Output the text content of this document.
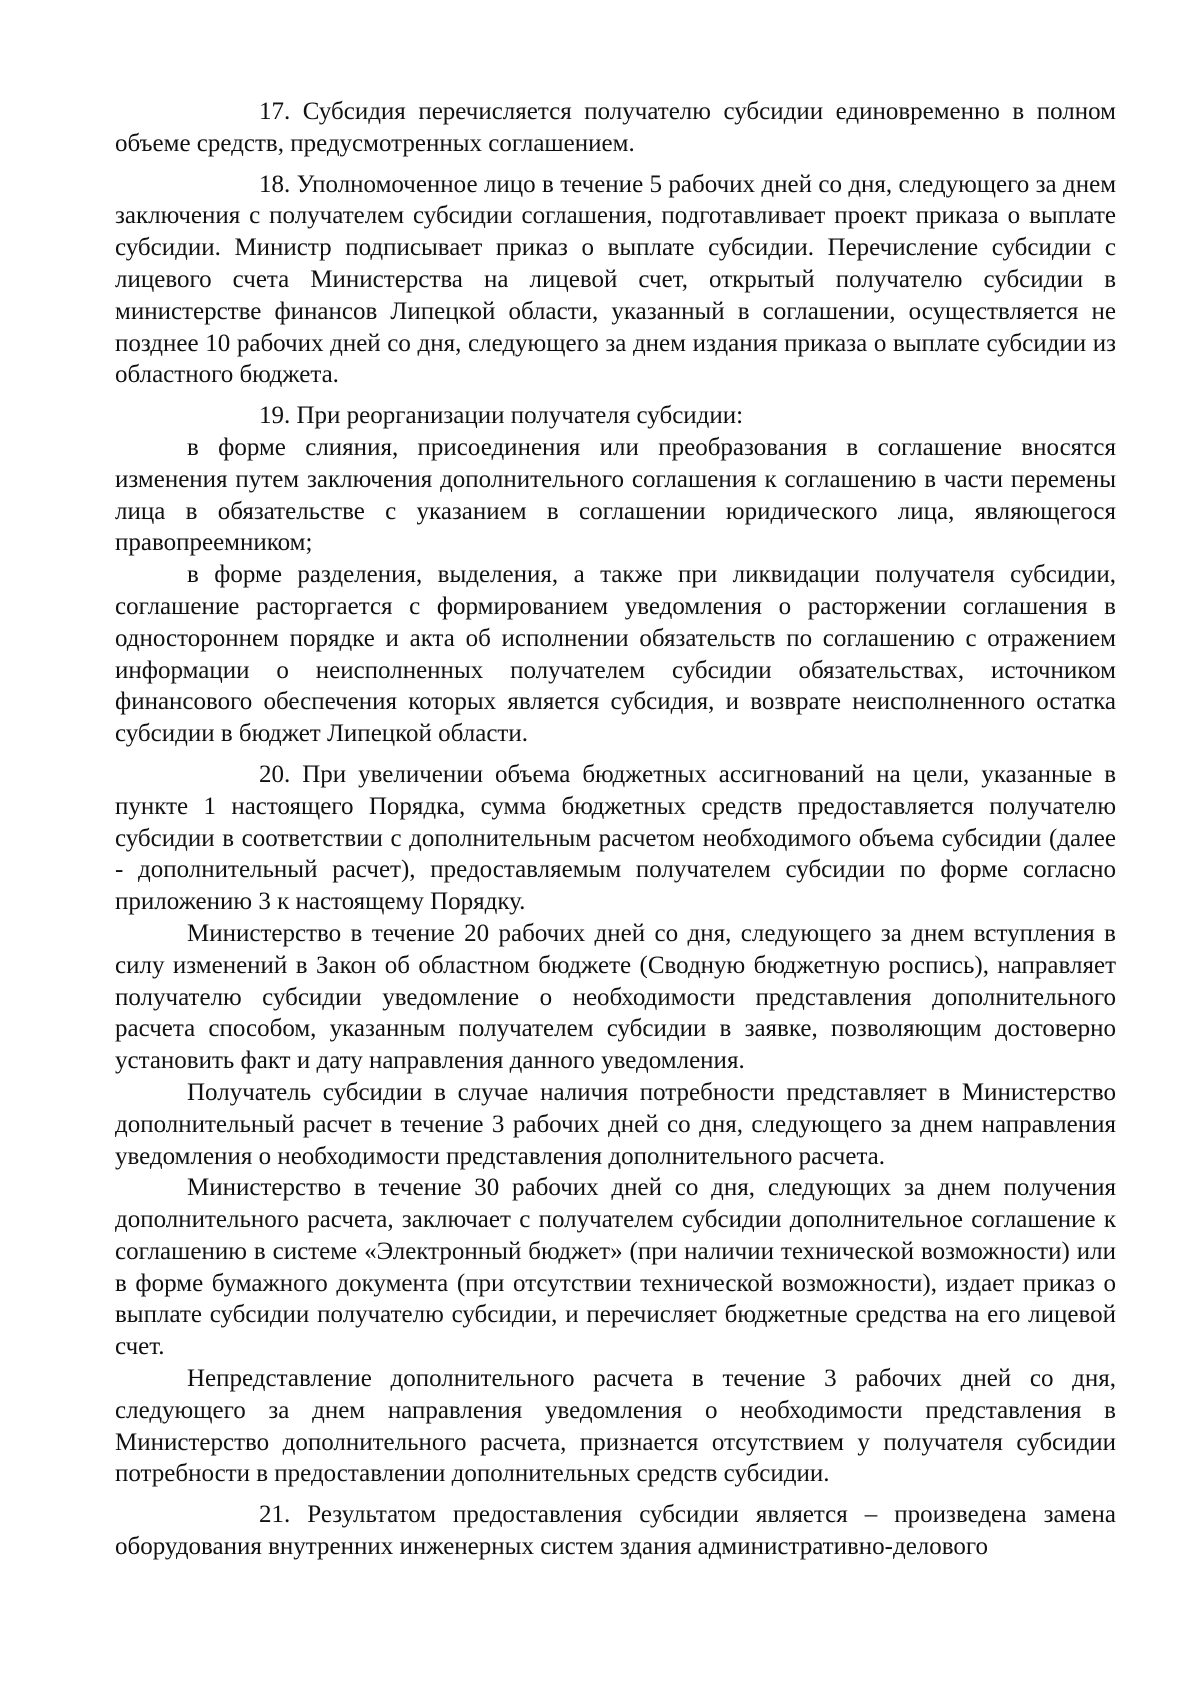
17. Субсидия перечисляется получателю субсидии единовременно в полном объеме средств, предусмотренных соглашением.

18. Уполномоченное лицо в течение 5 рабочих дней со дня, следующего за днем заключения с получателем субсидии соглашения, подготавливает проект приказа о выплате субсидии. Министр подписывает приказ о выплате субсидии. Перечисление субсидии с лицевого счета Министерства на лицевой счет, открытый получателю субсидии в министерстве финансов Липецкой области, указанный в соглашении, осуществляется не позднее 10 рабочих дней со дня, следующего за днем издания приказа о выплате субсидии из областного бюджета.

19. При реорганизации получателя субсидии:

в форме слияния, присоединения или преобразования в соглашение вносятся изменения путем заключения дополнительного соглашения к соглашению в части перемены лица в обязательстве с указанием в соглашении юридического лица, являющегося правопреемником;

в форме разделения, выделения, а также при ликвидации получателя субсидии, соглашение расторгается с формированием уведомления о расторжении соглашения в одностороннем порядке и акта об исполнении обязательств по соглашению с отражением информации о неисполненных получателем субсидии обязательствах, источником финансового обеспечения которых является субсидия, и возврате неисполненного остатка субсидии в бюджет Липецкой области.

20. При увеличении объема бюджетных ассигнований на цели, указанные в пункте 1 настоящего Порядка, сумма бюджетных средств предоставляется получателю субсидии в соответствии с дополнительным расчетом необходимого объема субсидии (далее - дополнительный расчет), предоставляемым получателем субсидии по форме согласно приложению 3 к настоящему Порядку.

Министерство в течение 20 рабочих дней со дня, следующего за днем вступления в силу изменений в Закон об областном бюджете (Сводную бюджетную роспись), направляет получателю субсидии уведомление о необходимости представления дополнительного расчета способом, указанным получателем субсидии в заявке, позволяющим достоверно установить факт и дату направления данного уведомления.

Получатель субсидии в случае наличия потребности представляет в Министерство дополнительный расчет в течение 3 рабочих дней со дня, следующего за днем направления уведомления о необходимости представления дополнительного расчета.

Министерство в течение 30 рабочих дней со дня, следующих за днем получения дополнительного расчета, заключает с получателем субсидии дополнительное соглашение к соглашению в системе «Электронный бюджет» (при наличии технической возможности) или в форме бумажного документа (при отсутствии технической возможности), издает приказ о выплате субсидии получателю субсидии, и перечисляет бюджетные средства на его лицевой счет.

Непредставление дополнительного расчета в течение 3 рабочих дней со дня, следующего за днем направления уведомления о необходимости представления в Министерство дополнительного расчета, признается отсутствием у получателя субсидии потребности в предоставлении дополнительных средств субсидии.

21. Результатом предоставления субсидии является – произведена замена оборудования внутренних инженерных систем здания административно-делового
